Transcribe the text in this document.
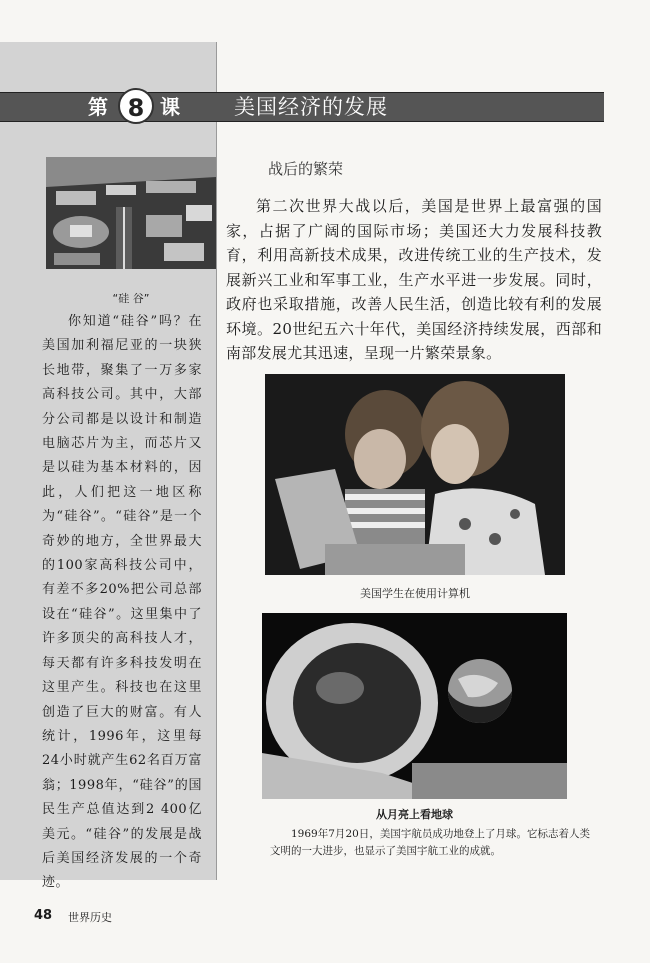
第 8 课	美国经济的发展
“硅 谷”
你知道“硅谷”吗？在美国加利福尼亚的一块狭长地带，聚集了一万多家高科技公司。其中，大部分公司都是以设计和制造电脑芯片为主，而芯片又是以硅为基本材料的，因此，人们把这一地区称为“硅谷”。“硅谷”是一个奇妙的地方，全世界最大的100家高科技公司中，有差不多20%把公司总部设在“硅谷”。这里集中了许多顶尖的高科技人才，每天都有许多科技发明在这里产生。科技也在这里创造了巨大的财富。有人统计，1996年，这里每24小时就产生62名百万富翁；1998年，“硅谷”的国民生产总值达到2 400亿美元。“硅谷”的发展是战后美国经济发展的一个奇迹。
战后的繁荣
第二次世界大战以后，美国是世界上最富强的国家，占据了广阔的国际市场；美国还大力发展科技教育，利用高新技术成果，改进传统工业的生产技术，发展新兴工业和军事工业，生产水平进一步发展。同时，政府也采取措施，改善人民生活，创造比较有利的发展环境。20世纪五六十年代，美国经济持续发展，西部和南部发展尤其迅速，呈现一片繁荣景象。
美国学生在使用计算机
从月亮上看地球
1969年7月20日，美国宇航员成功地登上了月球。它标志着人类文明的一大进步，也显示了美国宇航工业的成就。
48 世界历史
